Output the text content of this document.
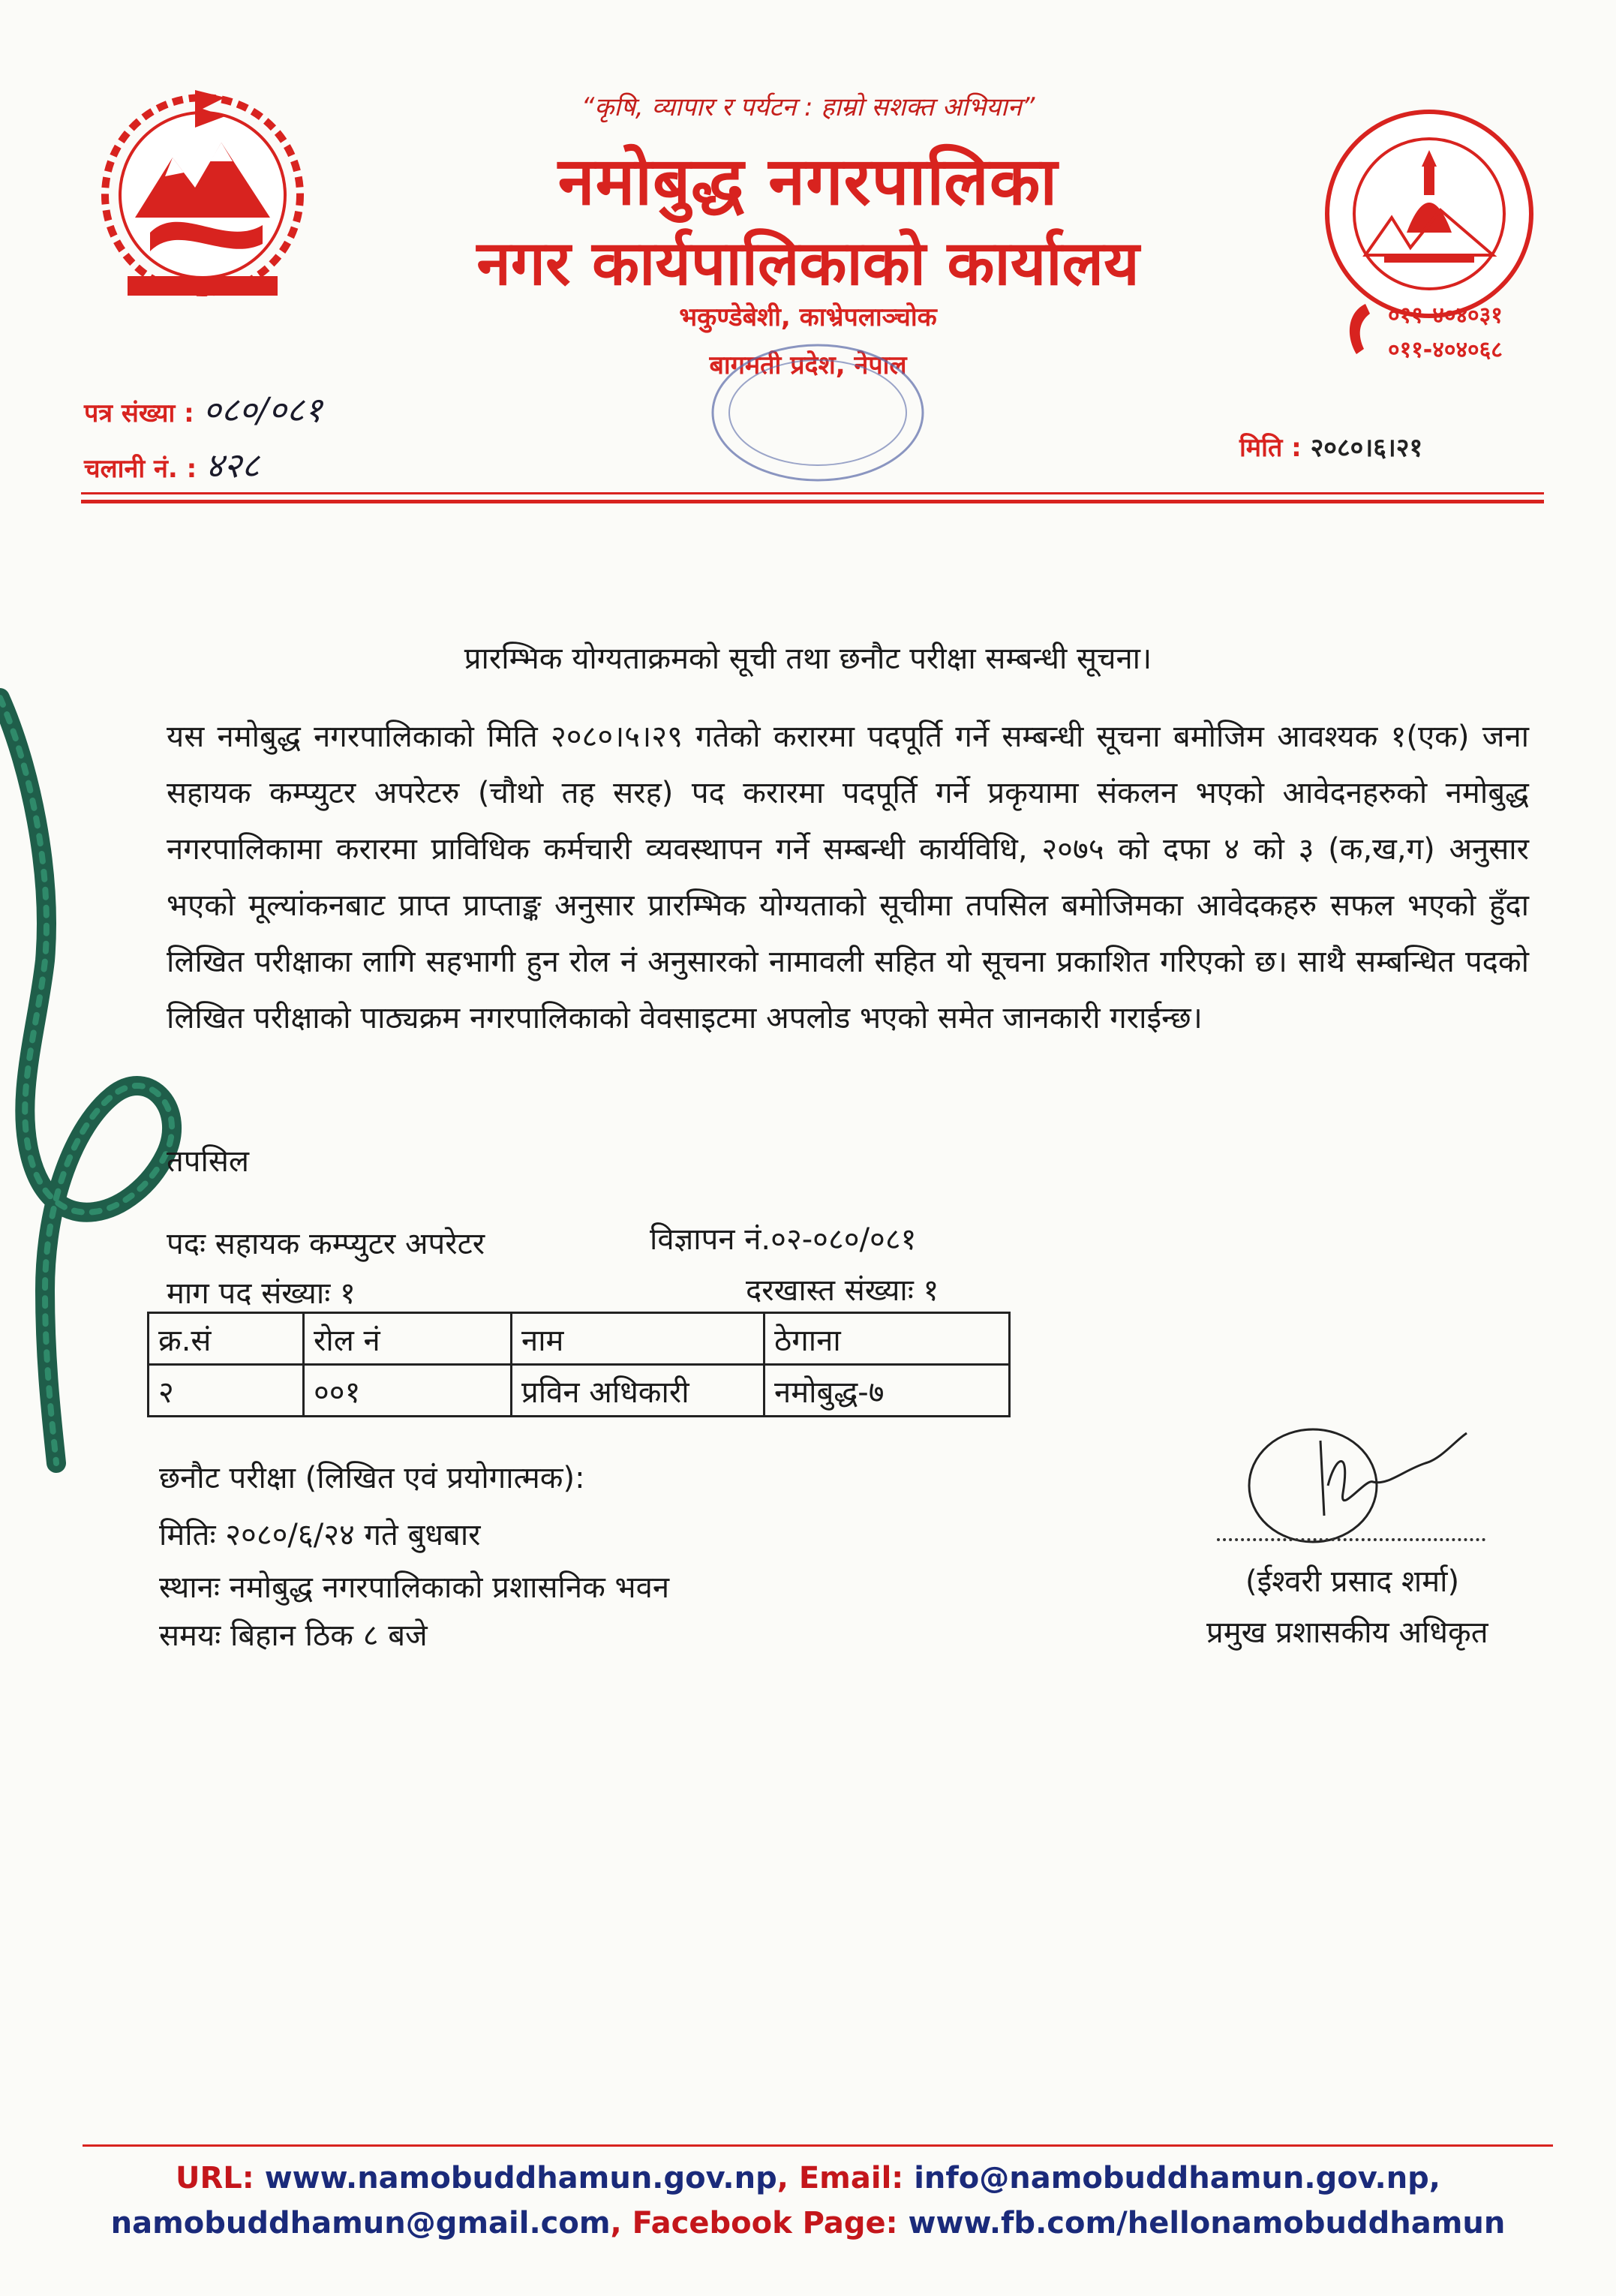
“कृषि, व्यापार र पर्यटन : हाम्रो सशक्त अभियान”
नमोबुद्ध नगरपालिका
नगर कार्यपालिकाको कार्यालय
भकुण्डेबेशी, काभ्रेपलाञ्चोक
बागमती प्रदेश, नेपाल
०११-४०४०३१
०११-४०४०६८
पत्र संख्या : ०८०/०८१
चलानी नं. : ४२८	मिति : २०८०।६।२१
प्रारम्भिक योग्यताक्रमको सूची तथा छनौट परीक्षा सम्बन्धी सूचना।
यस नमोबुद्ध नगरपालिकाको मिति २०८०।५।२९ गतेको करारमा पदपूर्ति गर्ने सम्बन्धी सूचना बमोजिम आवश्यक १(एक) जना सहायक कम्प्युटर अपरेटरु (चौथो तह सरह) पद करारमा पदपूर्ति गर्ने प्रकृयामा संकलन भएको आवेदनहरुको नमोबुद्ध नगरपालिकामा करारमा प्राविधिक कर्मचारी व्यवस्थापन गर्ने सम्बन्धी कार्यविधि, २०७५ को दफा ४ को ३ (क,ख,ग) अनुसार भएको मूल्यांकनबाट प्राप्त प्राप्ताङ्क अनुसार प्रारम्भिक योग्यताको सूचीमा तपसिल बमोजिमका आवेदकहरु सफल भएको हुँदा लिखित परीक्षाका लागि सहभागी हुन रोल नं अनुसारको नामावली सहित यो सूचना प्रकाशित गरिएको छ। साथै सम्बन्धित पदको लिखित परीक्षाको पाठ्यक्रम नगरपालिकाको वेवसाइटमा अपलोड भएको समेत जानकारी गराईन्छ।
तपसिल
पदः सहायक कम्प्युटर अपरेटर	विज्ञापन नं.०२-०८०/०८१
माग पद संख्याः १	दरखास्त संख्याः १
क्र.सं	रोल नं	नाम	ठेगाना
२	००१	प्रविन अधिकारी	नमोबुद्ध-७
छनौट परीक्षा (लिखित एवं प्रयोगात्मक):
मितिः २०८०/६/२४ गते बुधबार
स्थानः नमोबुद्ध नगरपालिकाको प्रशासनिक भवन
समयः बिहान ठिक ८ बजे
(ईश्वरी प्रसाद शर्मा)
प्रमुख प्रशासकीय अधिकृत
URL: www.namobuddhamun.gov.np, Email: info@namobuddhamun.gov.np,
namobuddhamun@gmail.com, Facebook Page: www.fb.com/hellonamobuddhamun
